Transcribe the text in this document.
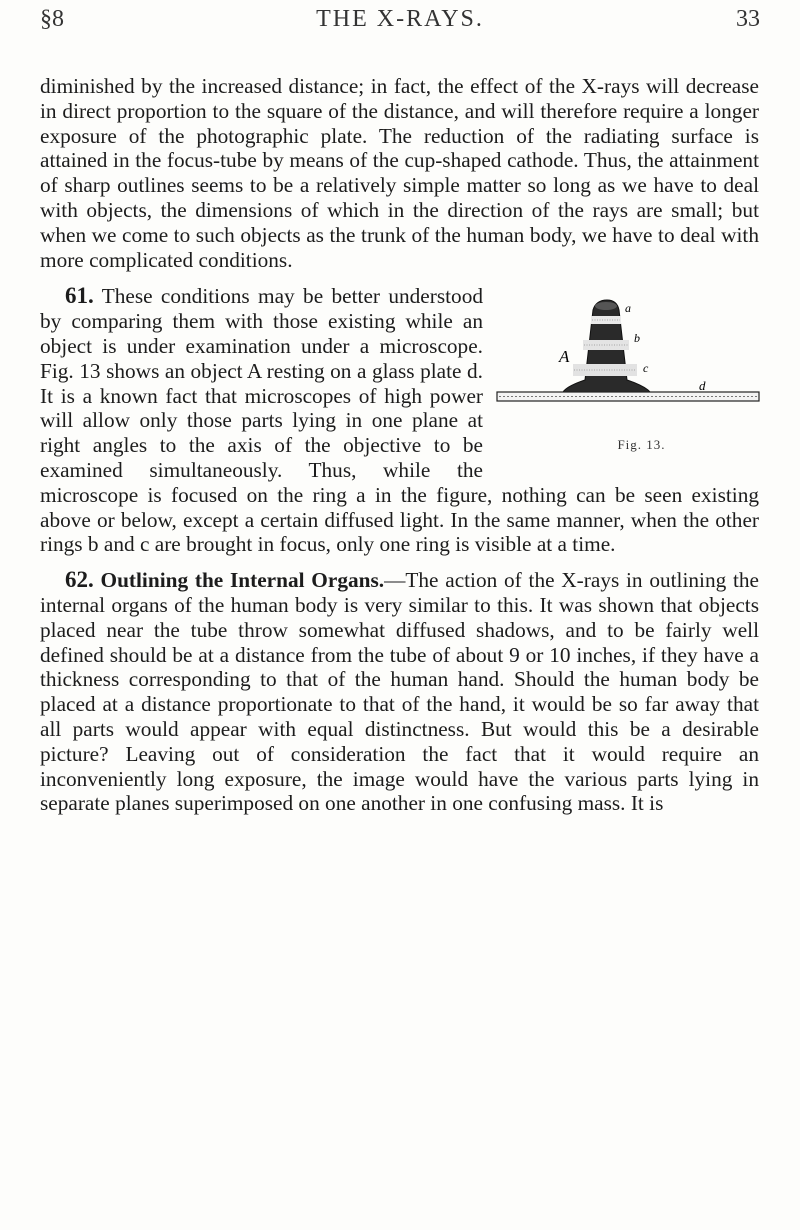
§8	THE X-RAYS.	33

diminished by the increased distance; in fact, the effect of the X-rays will decrease in direct proportion to the square of the distance, and will therefore require a longer exposure of the photographic plate. The reduction of the radiating surface is attained in the focus-tube by means of the cup-shaped cathode. Thus, the attainment of sharp outlines seems to be a relatively simple matter so long as we have to deal with objects, the dimensions of which in the direction of the rays are small; but when we come to such objects as the trunk of the human body, we have to deal with more complicated conditions.

a
b
c
A
d
Fig. 13.
61. These conditions may be better understood by comparing them with those existing while an object is under examination under a microscope. Fig. 13 shows an object A resting on a glass plate d. It is a known fact that microscopes of high power will allow only those parts lying in one plane at right angles to the axis of the objective to be examined simultaneously. Thus, while the microscope is focused on the ring a in the figure, nothing can be seen existing above or below, except a certain diffused light. In the same manner, when the other rings b and c are brought in focus, only one ring is visible at a time.

62. Outlining the Internal Organs.—The action of the X-rays in outlining the internal organs of the human body is very similar to this. It was shown that objects placed near the tube throw somewhat diffused shadows, and to be fairly well defined should be at a distance from the tube of about 9 or 10 inches, if they have a thickness corresponding to that of the human hand. Should the human body be placed at a distance proportionate to that of the hand, it would be so far away that all parts would appear with equal distinctness. But would this be a desirable picture? Leaving out of consideration the fact that it would require an inconveniently long exposure, the image would have the various parts lying in separate planes superimposed on one another in one confusing mass. It is
